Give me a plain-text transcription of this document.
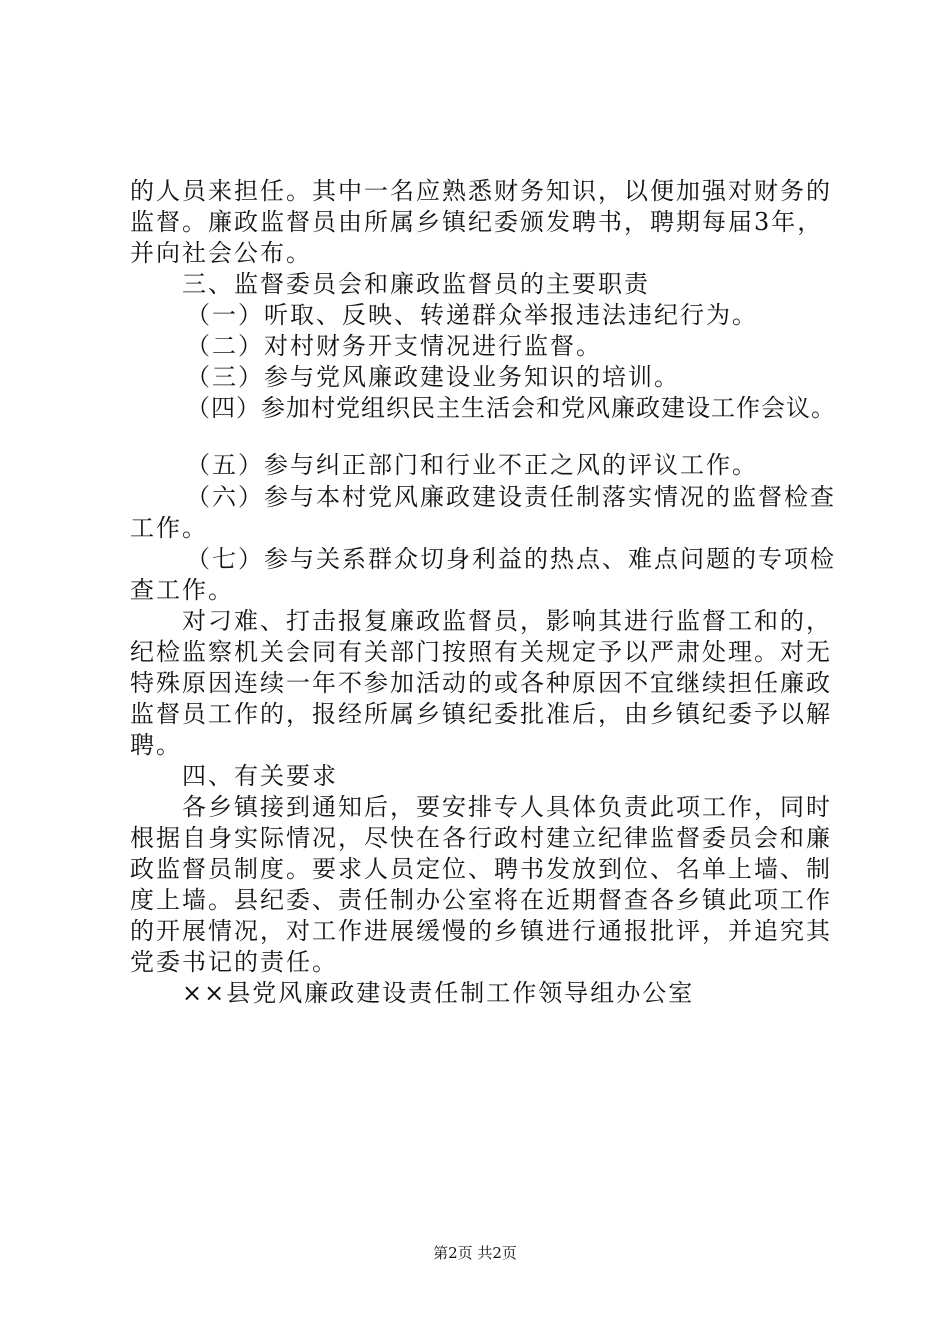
的人员来担任。其中一名应熟悉财务知识，以便加强对财务的
监督。廉政监督员由所属乡镇纪委颁发聘书，聘期每届3年，
并向社会公布。
三、监督委员会和廉政监督员的主要职责
（一）听取、反映、转递群众举报违法违纪行为。
（二）对村财务开支情况进行监督。
（三）参与党风廉政建设业务知识的培训。
（四）参加村党组织民主生活会和党风廉政建设工作会议。
（五）参与纠正部门和行业不正之风的评议工作。
（六）参与本村党风廉政建设责任制落实情况的监督检查
工作。
（七）参与关系群众切身利益的热点、难点问题的专项检
查工作。
对刁难、打击报复廉政监督员，影响其进行监督工和的，
纪检监察机关会同有关部门按照有关规定予以严肃处理。对无
特殊原因连续一年不参加活动的或各种原因不宜继续担任廉政
监督员工作的，报经所属乡镇纪委批准后，由乡镇纪委予以解
聘。
四、有关要求
各乡镇接到通知后，要安排专人具体负责此项工作，同时
根据自身实际情况，尽快在各行政村建立纪律监督委员会和廉
政监督员制度。要求人员定位、聘书发放到位、名单上墙、制
度上墙。县纪委、责任制办公室将在近期督查各乡镇此项工作
的开展情况，对工作进展缓慢的乡镇进行通报批评，并追究其
党委书记的责任。
××县党风廉政建设责任制工作领导组办公室
第2页 共2页
